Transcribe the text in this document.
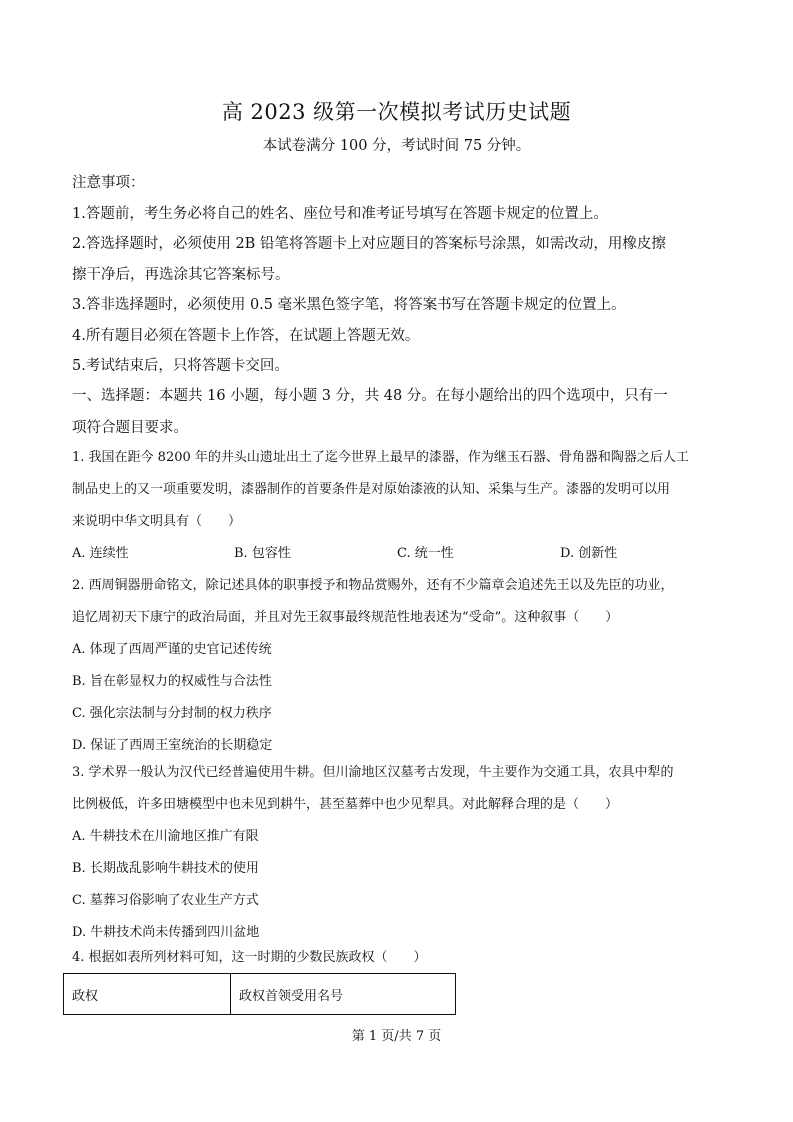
高 2023 级第一次模拟考试历史试题
本试卷满分 100 分，考试时间 75 分钟。
注意事项：
1.答题前，考生务必将自己的姓名、座位号和准考证号填写在答题卡规定的位置上。
2.答选择题时，必须使用 2B 铅笔将答题卡上对应题目的答案标号涂黑，如需改动，用橡皮擦
擦干净后，再选涂其它答案标号。
3.答非选择题时，必须使用 0.5 毫米黑色签字笔，将答案书写在答题卡规定的位置上。
4.所有题目必须在答题卡上作答，在试题上答题无效。
5.考试结束后，只将答题卡交回。
一、选择题：本题共 16 小题，每小题 3 分，共 48 分。在每小题给出的四个选项中，只有一
项符合题目要求。
1. 我国在距今 8200 年的井头山遗址出土了迄今世界上最早的漆器，作为继玉石器、骨角器和陶器之后人工
制品史上的又一项重要发明，漆器制作的首要条件是对原始漆液的认知、采集与生产。漆器的发明可以用
来说明中华文明具有（　　）
A. 连续性	B. 包容性	C. 统一性	D. 创新性
2. 西周铜器册命铭文，除记述具体的职事授予和物品赏赐外，还有不少篇章会追述先王以及先臣的功业，
追忆周初天下康宁的政治局面，并且对先王叙事最终规范性地表述为“受命”。这种叙事（　　）
A. 体现了西周严谨的史官记述传统
B. 旨在彰显权力的权威性与合法性
C. 强化宗法制与分封制的权力秩序
D. 保证了西周王室统治的长期稳定
3. 学术界一般认为汉代已经普遍使用牛耕。但川渝地区汉墓考古发现，牛主要作为交通工具，农具中犁的
比例极低，许多田塘模型中也未见到耕牛，甚至墓葬中也少见犁具。对此解释合理的是（　　）
A. 牛耕技术在川渝地区推广有限
B. 长期战乱影响牛耕技术的使用
C. 墓葬习俗影响了农业生产方式
D. 牛耕技术尚未传播到四川盆地
4. 根据如表所列材料可知，这一时期的少数民族政权（　　）
政权	政权首领受用名号
第 1 页/共 7 页
